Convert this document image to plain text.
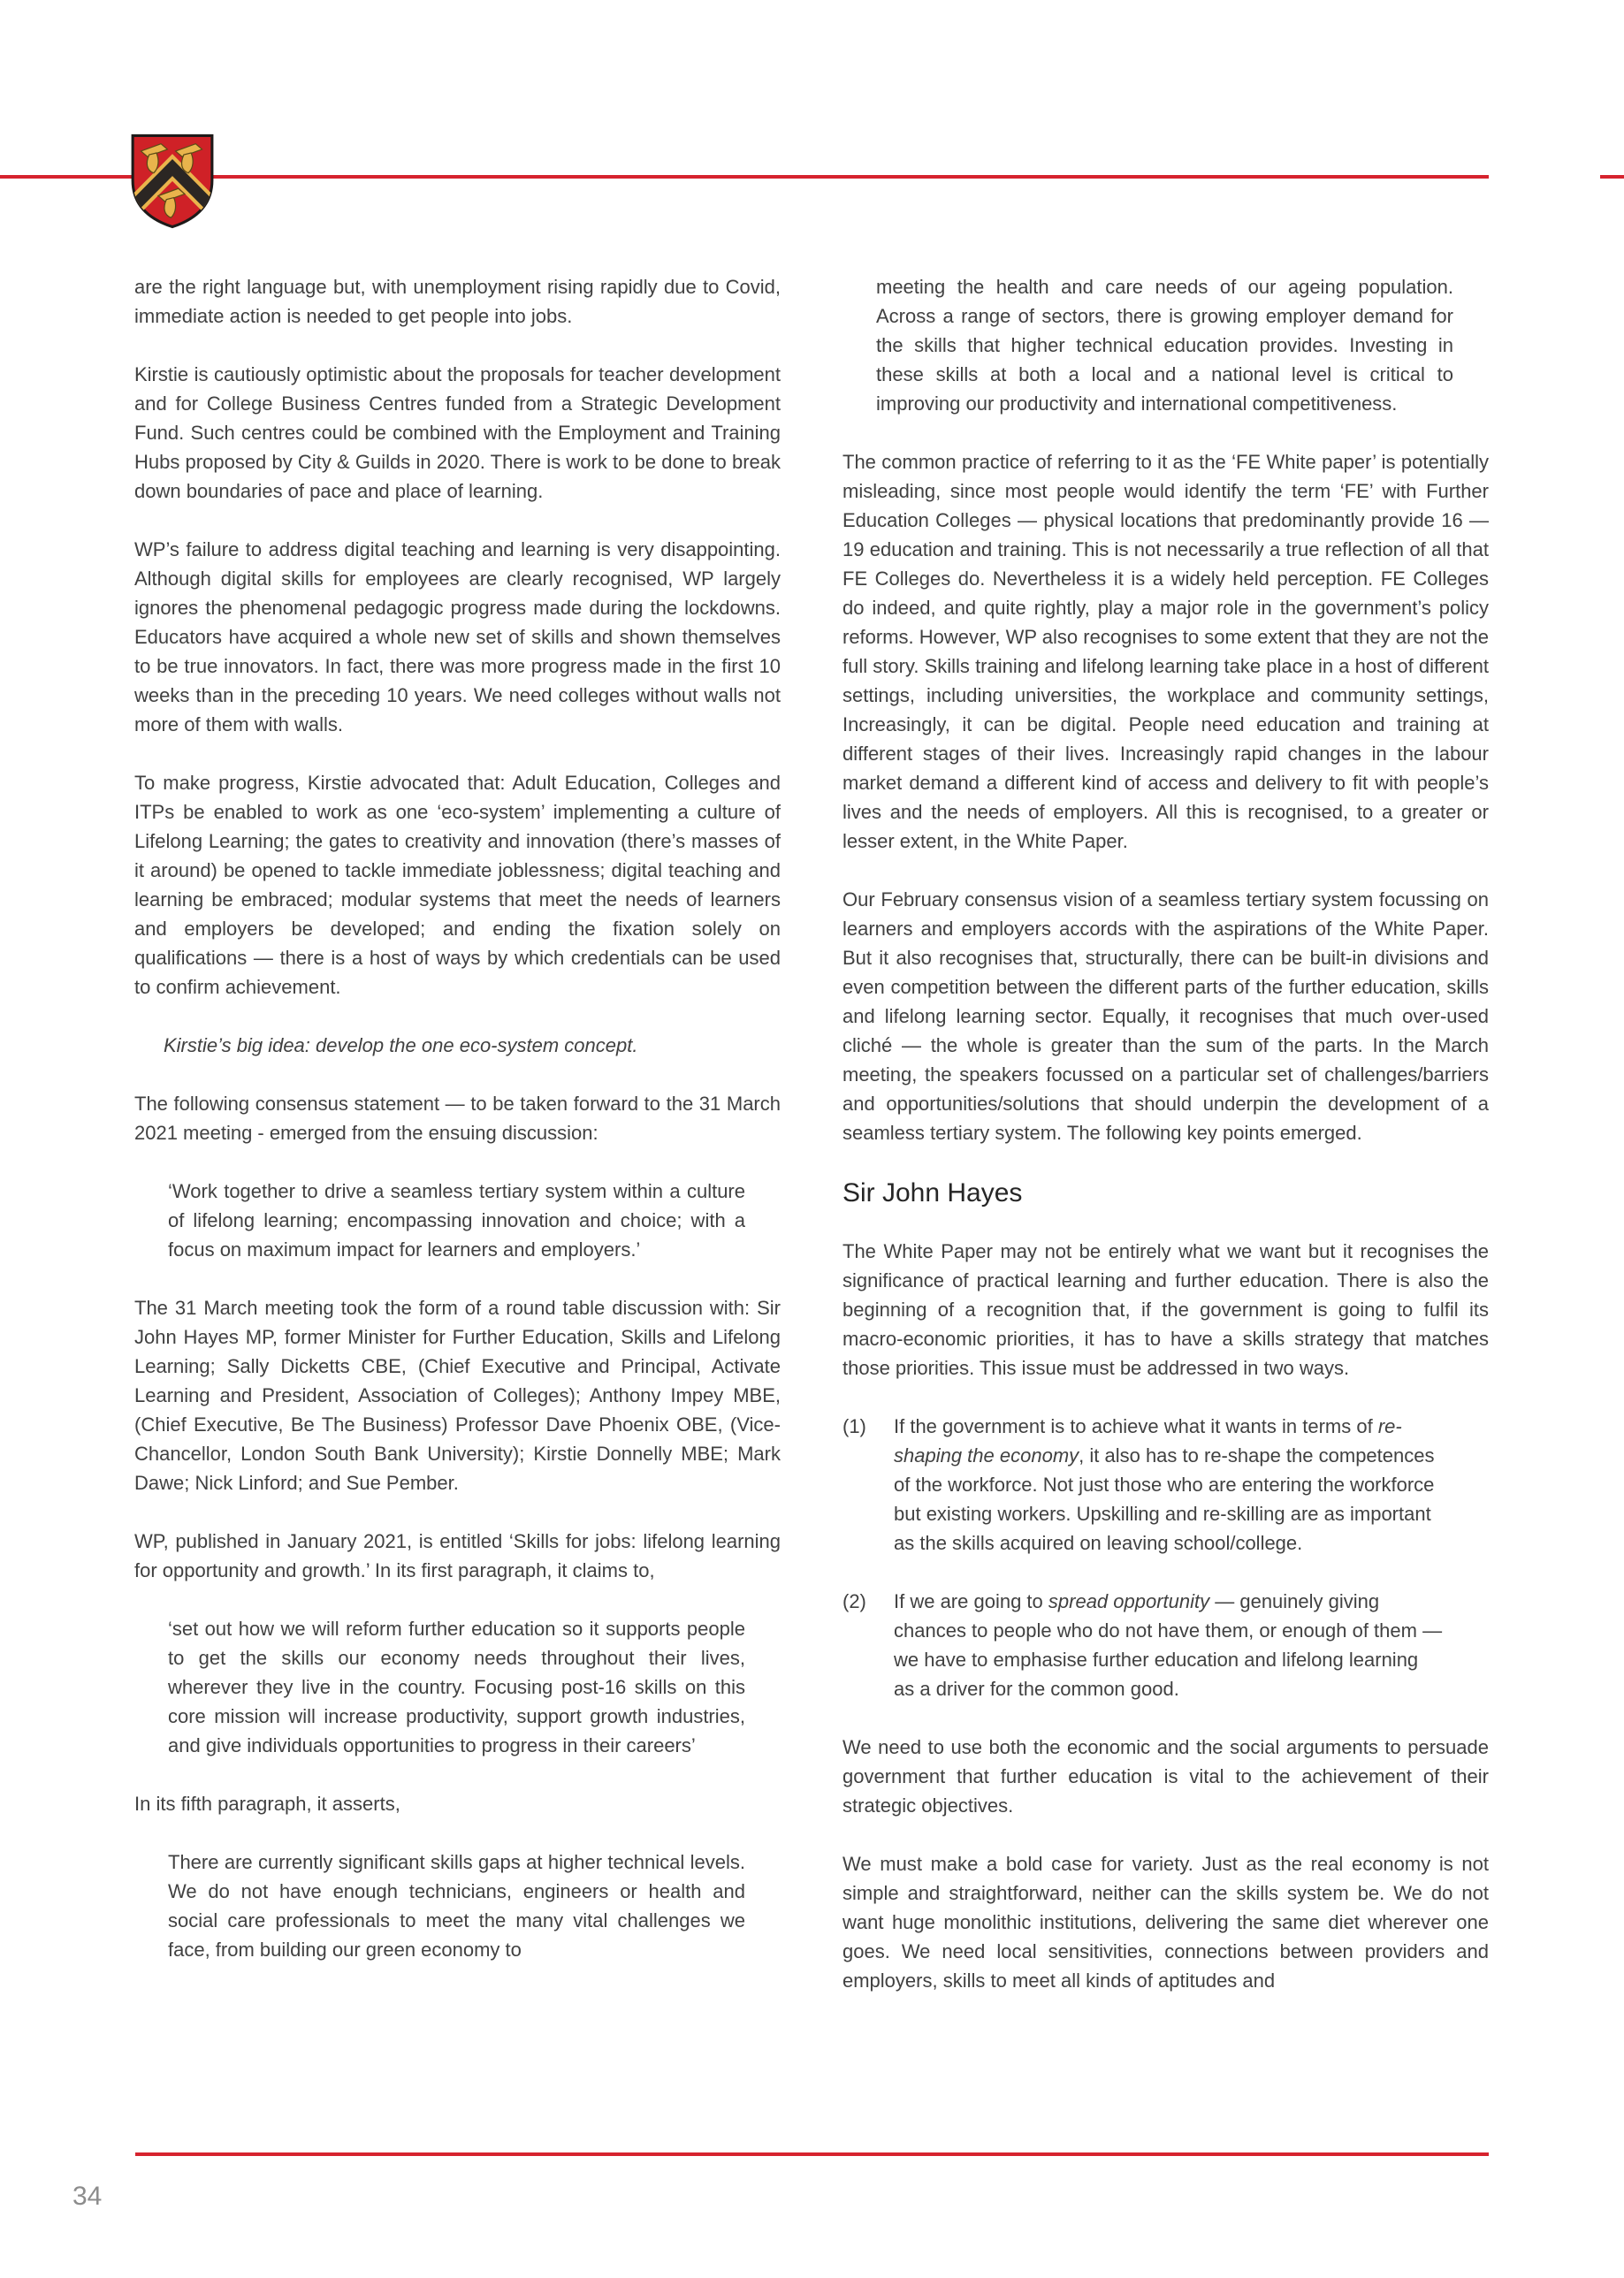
are the right language but, with unemployment rising rapidly due to Covid, immediate action is needed to get people into jobs.

Kirstie is cautiously optimistic about the proposals for teacher development and for College Business Centres funded from a Strategic Development Fund. Such centres could be combined with the Employment and Training Hubs proposed by City & Guilds in 2020. There is work to be done to break down boundaries of pace and place of learning.

WP’s failure to address digital teaching and learning is very disappointing. Although digital skills for employees are clearly recognised, WP largely ignores the phenomenal pedagogic progress made during the lockdowns. Educators have acquired a whole new set of skills and shown themselves to be true innovators. In fact, there was more progress made in the first 10 weeks than in the preceding 10 years. We need colleges without walls not more of them with walls.

To make progress, Kirstie advocated that: Adult Education, Colleges and ITPs be enabled to work as one ‘eco-system’ implementing a culture of Lifelong Learning; the gates to creativity and innovation (there’s masses of it around) be opened to tackle immediate joblessness; digital teaching and learning be embraced; modular systems that meet the needs of learners and employers be developed; and ending the fixation solely on qualifications — there is a host of ways by which credentials can be used to confirm achievement.

Kirstie’s big idea: develop the one eco-system concept.

The following consensus statement — to be taken forward to the 31 March 2021 meeting - emerged from the ensuing discussion:

‘Work together to drive a seamless tertiary system within a culture of lifelong learning; encompassing innovation and choice; with a focus on maximum impact for learners and employers.’

The 31 March meeting took the form of a round table discussion with: Sir John Hayes MP, former Minister for Further Education, Skills and Lifelong Learning; Sally Dicketts CBE, (Chief Executive and Principal, Activate Learning and President, Association of Colleges); Anthony Impey MBE, (Chief Executive, Be The Business) Professor Dave Phoenix OBE, (Vice-Chancellor, London South Bank University); Kirstie Donnelly MBE; Mark Dawe; Nick Linford; and Sue Pember.

WP, published in January 2021, is entitled ‘Skills for jobs: lifelong learning for opportunity and growth.’ In its first paragraph, it claims to,

‘set out how we will reform further education so it supports people to get the skills our economy needs throughout their lives, wherever they live in the country. Focusing post-16 skills on this core mission will increase productivity, support growth industries, and give individuals opportunities to progress in their careers’

In its fifth paragraph, it asserts,

There are currently significant skills gaps at higher technical levels. We do not have enough technicians, engineers or health and social care professionals to meet the many vital challenges we face, from building our green economy to

meeting the health and care needs of our ageing population. Across a range of sectors, there is growing employer demand for the skills that higher technical education provides. Investing in these skills at both a local and a national level is critical to improving our productivity and international competitiveness.

The common practice of referring to it as the ‘FE White paper’ is potentially misleading, since most people would identify the term ‘FE’ with Further Education Colleges — physical locations that predominantly provide 16 — 19 education and training. This is not necessarily a true reflection of all that FE Colleges do. Nevertheless it is a widely held perception. FE Colleges do indeed, and quite rightly, play a major role in the government’s policy reforms. However, WP also recognises to some extent that they are not the full story. Skills training and lifelong learning take place in a host of different settings, including universities, the workplace and community settings, Increasingly, it can be digital. People need education and training at different stages of their lives. Increasingly rapid changes in the labour market demand a different kind of access and delivery to fit with people’s lives and the needs of employers. All this is recognised, to a greater or lesser extent, in the White Paper.

Our February consensus vision of a seamless tertiary system focussing on learners and employers accords with the aspirations of the White Paper. But it also recognises that, structurally, there can be built-in divisions and even competition between the different parts of the further education, skills and lifelong learning sector. Equally, it recognises that much over-used cliché — the whole is greater than the sum of the parts. In the March meeting, the speakers focussed on a particular set of challenges/barriers and opportunities/solutions that should underpin the development of a seamless tertiary system. The following key points emerged.

Sir John Hayes

The White Paper may not be entirely what we want but it recognises the significance of practical learning and further education. There is also the beginning of a recognition that, if the government is going to fulfil its macro-economic priorities, it has to have a skills strategy that matches those priorities. This issue must be addressed in two ways.

(1)	If the government is to achieve what it wants in terms of re-shaping the economy, it also has to re-shape the competences of the workforce. Not just those who are entering the workforce but existing workers. Upskilling and re-skilling are as important as the skills acquired on leaving school/college.
(2)	If we are going to spread opportunity — genuinely giving chances to people who do not have them, or enough of them — we have to emphasise further education and lifelong learning as a driver for the common good.

We need to use both the economic and the social arguments to persuade government that further education is vital to the achievement of their strategic objectives.

We must make a bold case for variety. Just as the real economy is not simple and straightforward, neither can the skills system be. We do not want huge monolithic institutions, delivering the same diet wherever one goes. We need local sensitivities, connections between providers and employers, skills to meet all kinds of aptitudes and

34
